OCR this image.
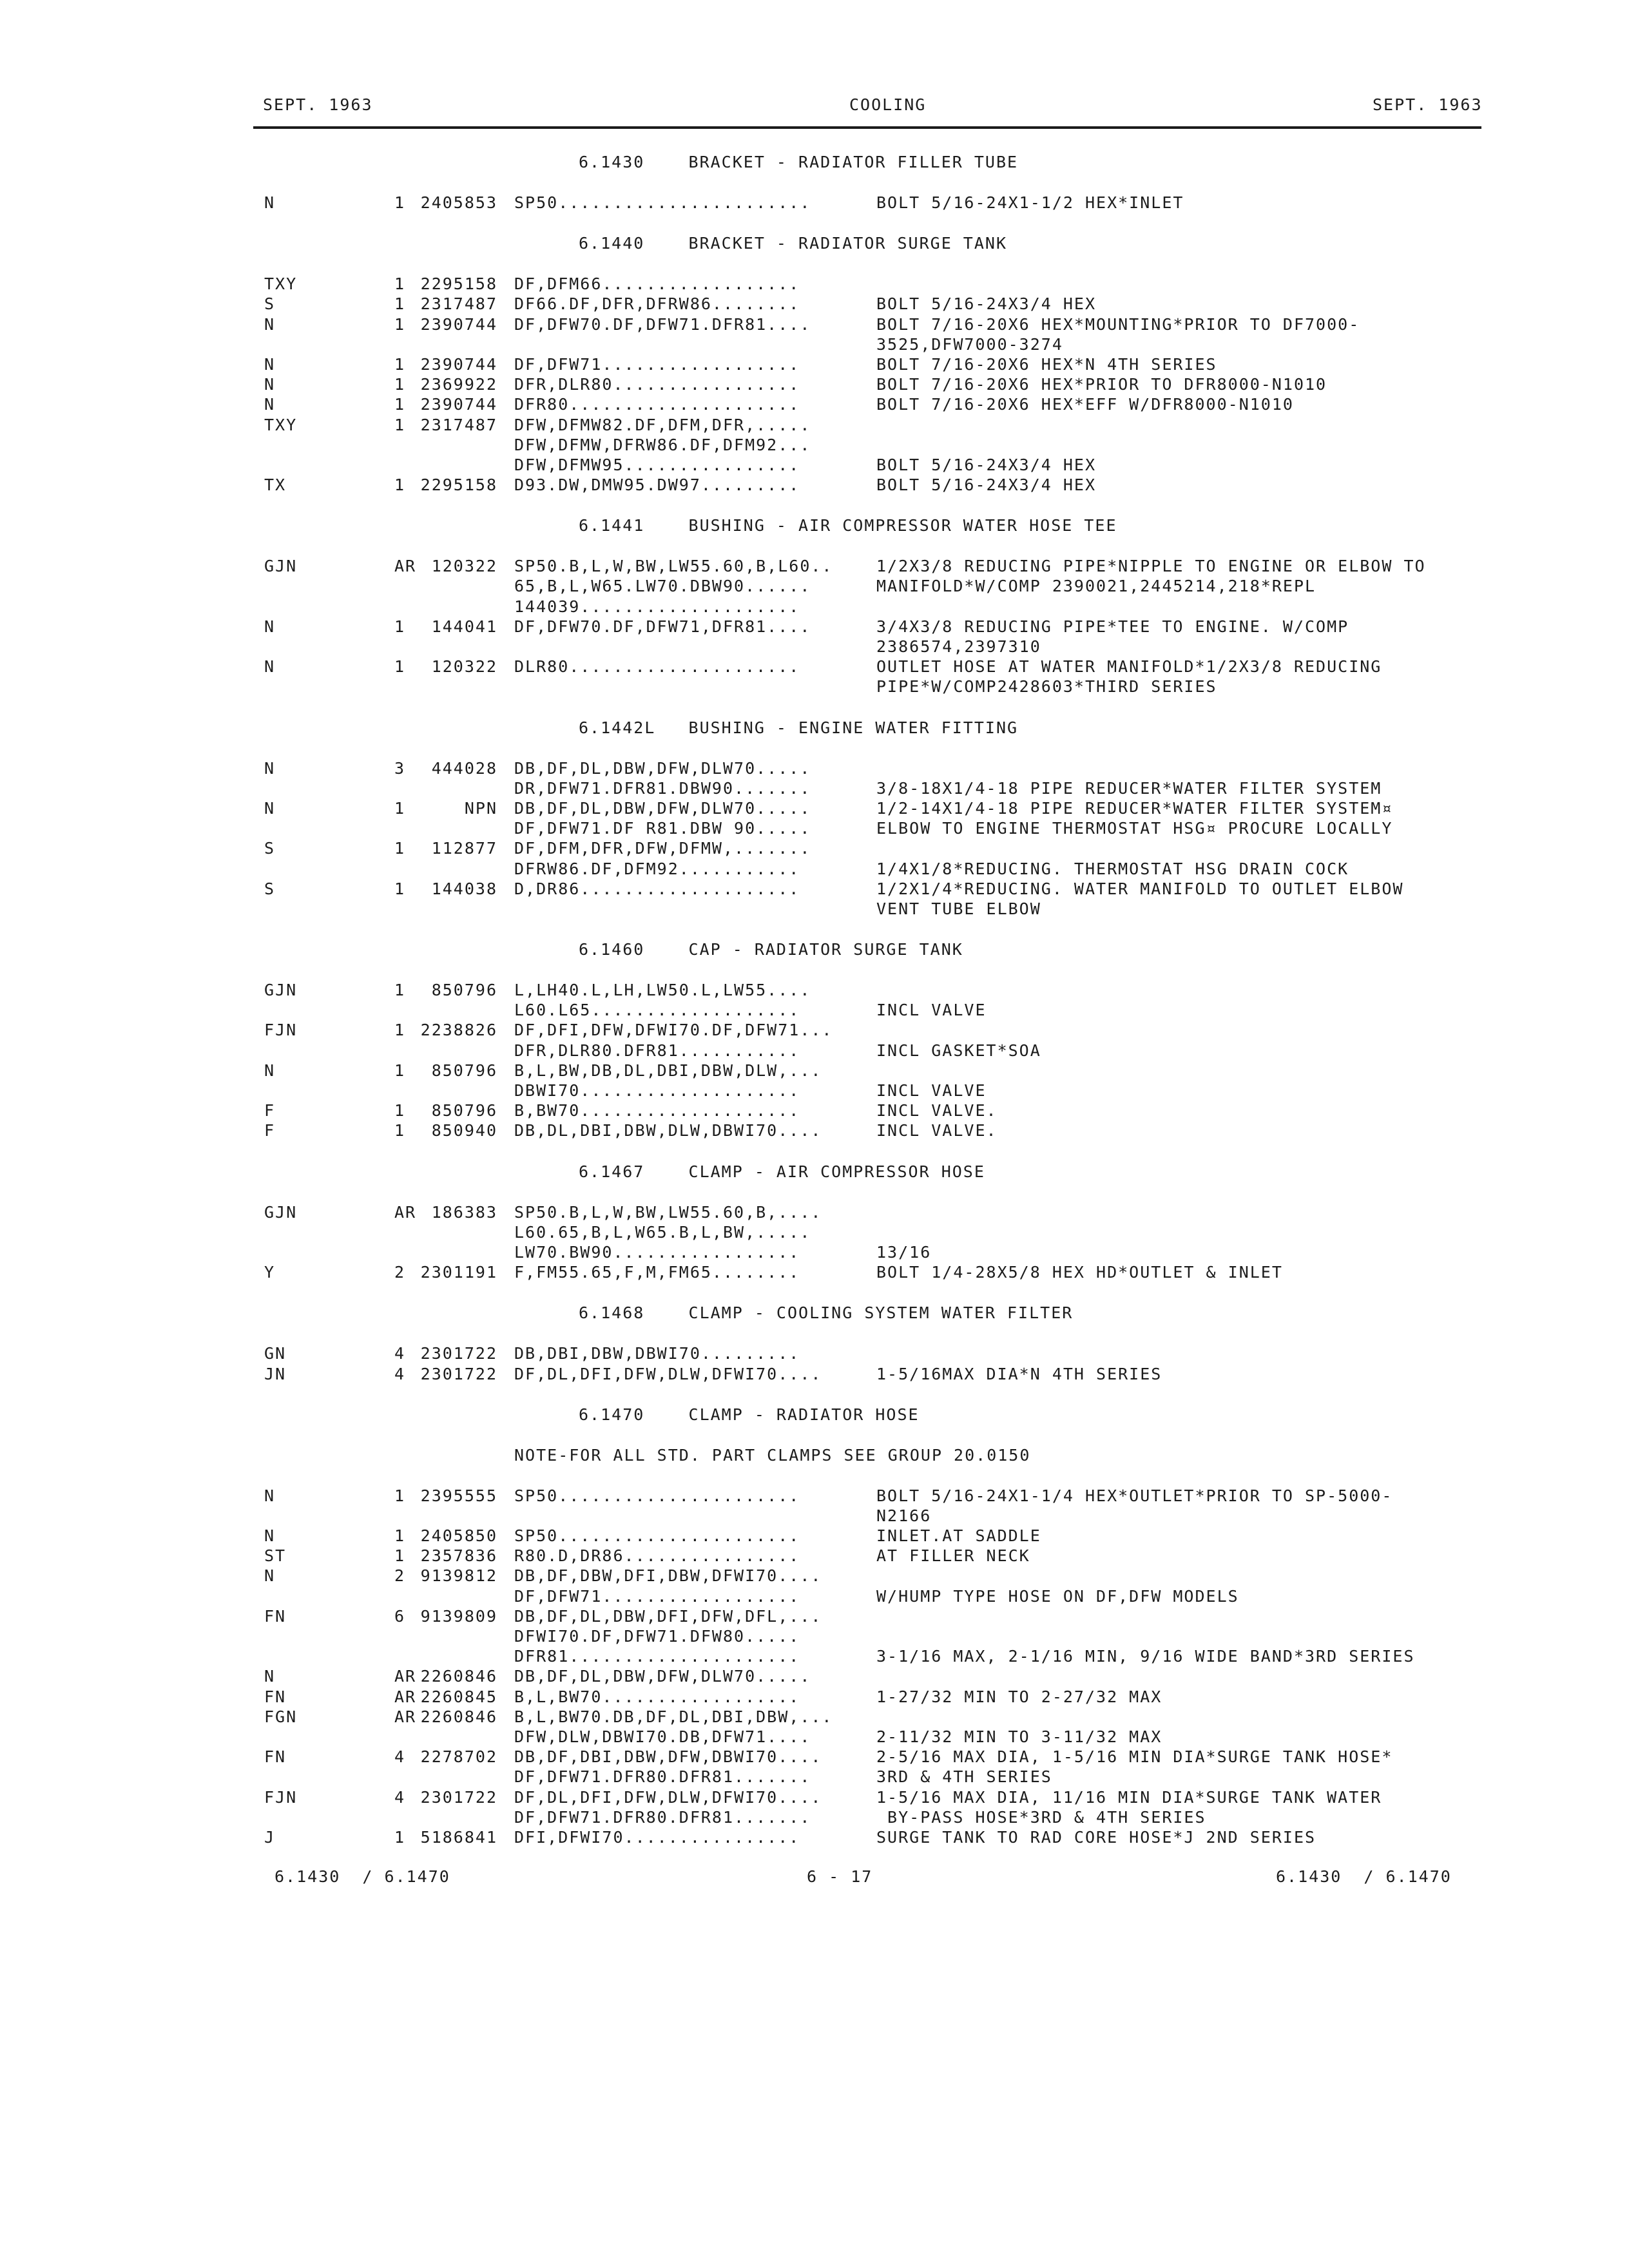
SEPT. 1963	COOLING	SEPT. 1963
6.1430    BRACKET - RADIATOR FILLER TUBE
N	1 2405853 SP50.......................	BOLT 5/16-24X1-1/2 HEX*INLET
6.1440    BRACKET - RADIATOR SURGE TANK
TXY	1 2295158 DF,DFM66..................
S	1 2317487 DF66.DF,DFR,DFRW86........	BOLT 5/16-24X3/4 HEX
N	1 2390744 DF,DFW70.DF,DFW71.DFR81....	BOLT 7/16-20X6 HEX*MOUNTING*PRIOR TO DF7000-
3525,DFW7000-3274
N	1 2390744 DF,DFW71..................	BOLT 7/16-20X6 HEX*N 4TH SERIES
N	1 2369922 DFR,DLR80.................	BOLT 7/16-20X6 HEX*PRIOR TO DFR8000-N1010
N	1 2390744 DFR80.....................	BOLT 7/16-20X6 HEX*EFF W/DFR8000-N1010
TXY	1 2317487 DFW,DFMW82.DF,DFM,DFR,.....
DFW,DFMW,DFRW86.DF,DFM92...
DFW,DFMW95................	BOLT 5/16-24X3/4 HEX
TX	1 2295158 D93.DW,DMW95.DW97.........	BOLT 5/16-24X3/4 HEX
6.1441    BUSHING - AIR COMPRESSOR WATER HOSE TEE
GJN	AR 120322 SP50.B,L,W,BW,LW55.60,B,L60..	1/2X3/8 REDUCING PIPE*NIPPLE TO ENGINE OR ELBOW TO
65,B,L,W65.LW70.DBW90......	MANIFOLD*W/COMP 2390021,2445214,218*REPL
144039....................
N	1	144041 DF,DFW70.DF,DFW71,DFR81....	3/4X3/8 REDUCING PIPE*TEE TO ENGINE. W/COMP
2386574,2397310
N	1	120322 DLR80.....................	OUTLET HOSE AT WATER MANIFOLD*1/2X3/8 REDUCING
PIPE*W/COMP2428603*THIRD SERIES
6.1442L   BUSHING - ENGINE WATER FITTING
N	3	444028 DB,DF,DL,DBW,DFW,DLW70.....
DR,DFW71.DFR81.DBW90.......	3/8-18X1/4-18 PIPE REDUCER*WATER FILTER SYSTEM
N	1	NPN DB,DF,DL,DBW,DFW,DLW70.....	1/2-14X1/4-18 PIPE REDUCER*WATER FILTER SYSTEM¤
DF,DFW71.DF R81.DBW 90.....	ELBOW TO ENGINE THERMOSTAT HSG¤ PROCURE LOCALLY
S	1	112877 DF,DFM,DFR,DFW,DFMW,.......
DFRW86.DF,DFM92...........	1/4X1/8*REDUCING. THERMOSTAT HSG DRAIN COCK
S	1	144038 D,DR86....................	1/2X1/4*REDUCING. WATER MANIFOLD TO OUTLET ELBOW
VENT TUBE ELBOW
6.1460    CAP - RADIATOR SURGE TANK
GJN	1	850796 L,LH40.L,LH,LW50.L,LW55....
L60.L65...................	INCL VALVE
FJN	1 2238826 DF,DFI,DFW,DFWI70.DF,DFW71...
DFR,DLR80.DFR81...........	INCL GASKET*SOA
N	1	850796 B,L,BW,DB,DL,DBI,DBW,DLW,...
DBWI70....................	INCL VALVE
F	1	850796 B,BW70....................	INCL VALVE.
F	1	850940 DB,DL,DBI,DBW,DLW,DBWI70....	INCL VALVE.
6.1467    CLAMP - AIR COMPRESSOR HOSE
GJN	AR 186383 SP50.B,L,W,BW,LW55.60,B,....
L60.65,B,L,W65.B,L,BW,.....
LW70.BW90.................	13/16
Y	2 2301191 F,FM55.65,F,M,FM65........	BOLT 1/4-28X5/8 HEX HD*OUTLET & INLET
6.1468    CLAMP - COOLING SYSTEM WATER FILTER
GN	4 2301722 DB,DBI,DBW,DBWI70.........
JN	4 2301722 DF,DL,DFI,DFW,DLW,DFWI70....	1-5/16MAX DIA*N 4TH SERIES
6.1470    CLAMP - RADIATOR HOSE
NOTE-FOR ALL STD. PART CLAMPS SEE GROUP 20.0150
N	1 2395555 SP50......................	BOLT 5/16-24X1-1/4 HEX*OUTLET*PRIOR TO SP-5000-
N2166
N	1 2405850 SP50......................	INLET.AT SADDLE
ST	1 2357836 R80.D,DR86................	AT FILLER NECK
N	2 9139812 DB,DF,DBW,DFI,DBW,DFWI70....
DF,DFW71..................	W/HUMP TYPE HOSE ON DF,DFW MODELS
FN	6 9139809 DB,DF,DL,DBW,DFI,DFW,DFL,...
DFWI70.DF,DFW71.DFW80.....
DFR81.....................	3-1/16 MAX, 2-1/16 MIN, 9/16 WIDE BAND*3RD SERIES
N	AR 2260846 DB,DF,DL,DBW,DFW,DLW70.....
FN	AR 2260845 B,L,BW70..................	1-27/32 MIN TO 2-27/32 MAX
FGN	AR 2260846 B,L,BW70.DB,DF,DL,DBI,DBW,...
DFW,DLW,DBWI70.DB,DFW71....	2-11/32 MIN TO 3-11/32 MAX
FN	4 2278702 DB,DF,DBI,DBW,DFW,DBWI70....	2-5/16 MAX DIA, 1-5/16 MIN DIA*SURGE TANK HOSE*
DF,DFW71.DFR80.DFR81.......	3RD & 4TH SERIES
FJN	4 2301722 DF,DL,DFI,DFW,DLW,DFWI70....	1-5/16 MAX DIA, 11/16 MIN DIA*SURGE TANK WATER
DF,DFW71.DFR80.DFR81.......	BY-PASS HOSE*3RD & 4TH SERIES
J	1 5186841 DFI,DFWI70................	SURGE TANK TO RAD CORE HOSE*J 2ND SERIES
6.1430  / 6.1470	6 - 17	6.1430  / 6.1470
